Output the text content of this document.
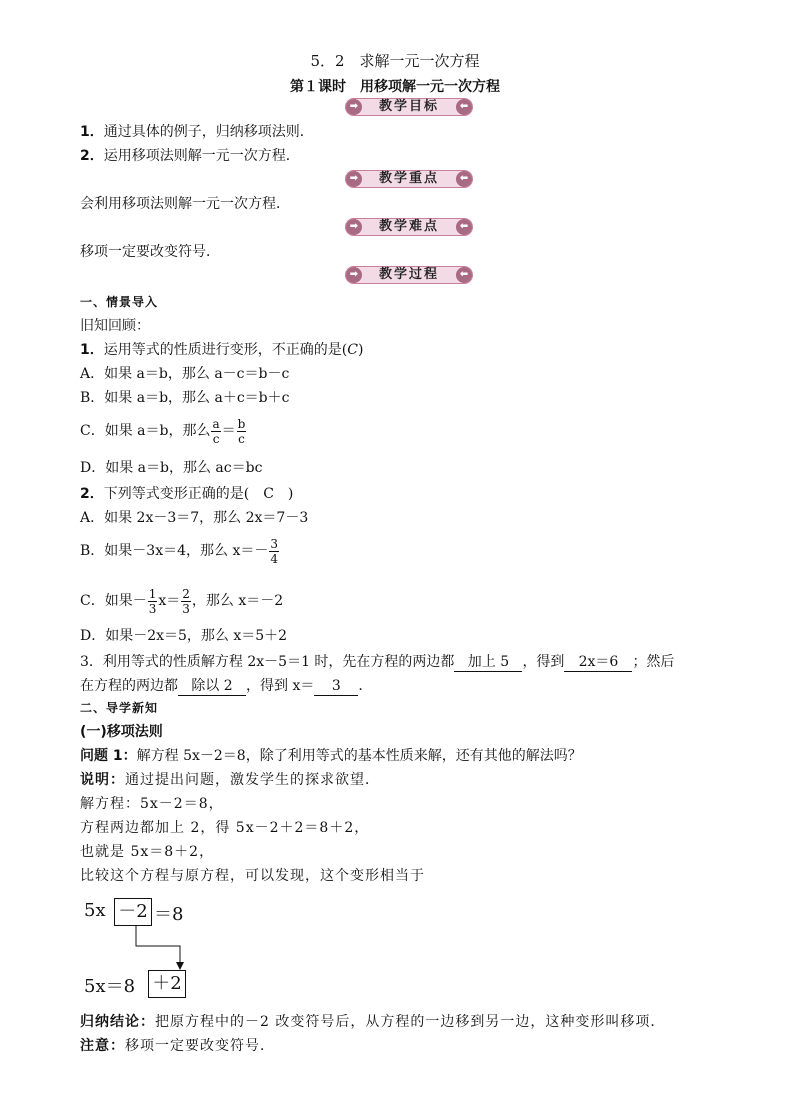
5．2　求解一元一次方程
第１课时　用移项解一元一次方程
➡ 教学目标	⬅
1．通过具体的例子，归纳移项法则．
2．运用移项法则解一元一次方程．
➡ 教学重点	⬅
会利用移项法则解一元一次方程．
➡ 教学难点	⬅
移项一定要改变符号．
➡ 教学过程	⬅
一、情景导入
旧知回顾：
1．运用等式的性质进行变形，不正确的是(C)
A．如果 a＝b，那么 a－c＝b－c
B．如果 a＝b，那么 a＋c＝b＋c
C．如果 a＝b，那么 $\frac{a}{c} = \frac{b}{c}$
D．如果 a＝b，那么 ac＝bc
2．下列等式变形正确的是(　C　)
A．如果 2x－3＝7，那么 2x＝7－3
B．如果－3x＝4，那么 $x=- \frac{3}{4}$
C．如果－ $\frac{1}{3} x= \frac{2}{3}$ ，那么 x＝－2
D．如果－2x＝5，那么 x＝5＋2
3．利用等式的性质解方程 2x－5＝1 时，先在方程的两边都 加上 5 ，得到 2x＝6 ；然后
在方程的两边都 除以 2 ，得到 x＝ 3 ．
二、导学新知
(一)移项法则
问题 1：解方程 5x－2＝8，除了利用等式的基本性质来解，还有其他的解法吗？
说明：通过提出问题，激发学生的探求欲望．
解方程：5x－2＝8，
方程两边都加上 2，得 5x－2＋2＝8＋2，
也就是 5x＝8＋2，
比较这个方程与原方程，可以发现，这个变形相当于
5x －2 ＝8
5x＝8 ＋2
归纳结论：把原方程中的－2 改变符号后，从方程的一边移到另一边，这种变形叫移项．
注意：移项一定要改变符号．
